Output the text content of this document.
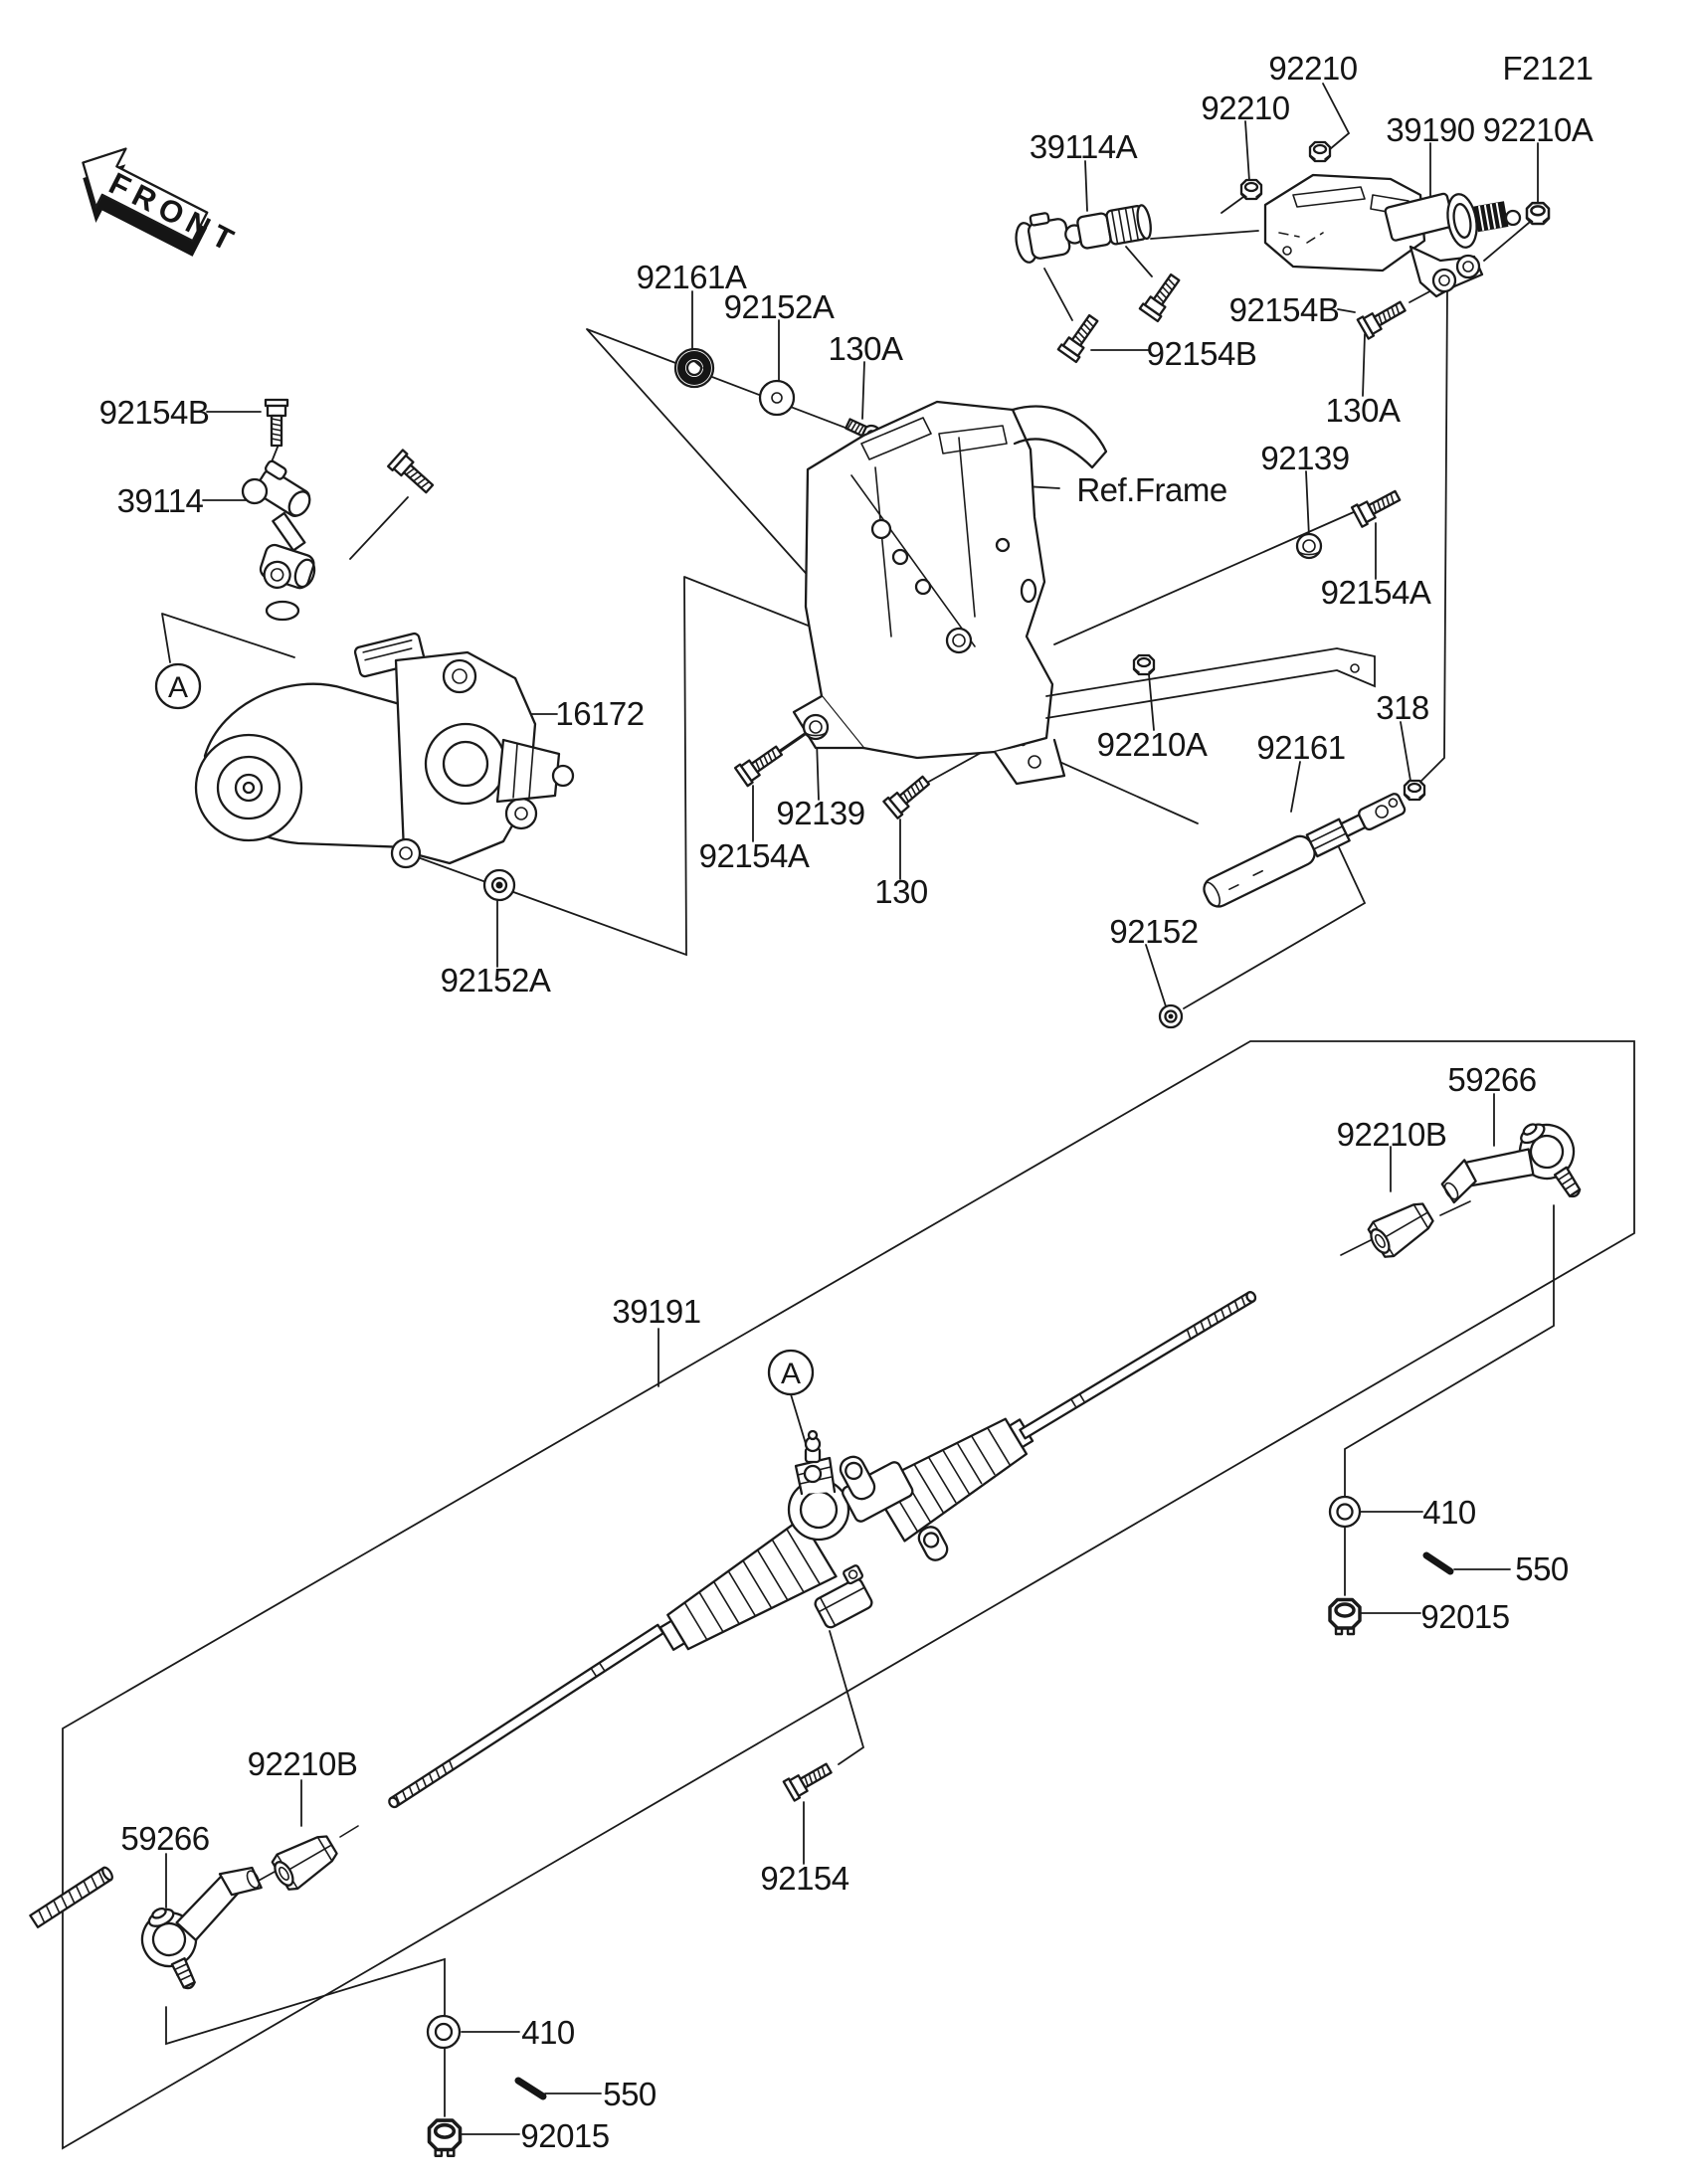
FRONT
92154B
39114
16172
92152A
92161A
92152A
130A
Ref.Frame
92139
92154A
130
92210A
318
92161
92152
92210
92210
39190 92210A
39114A
92154B
92154B
130A
92139
92154A
59266
92210B
39191
92210B
59266
92154
410
550
92015
410
550
92015
A
A
F2121
